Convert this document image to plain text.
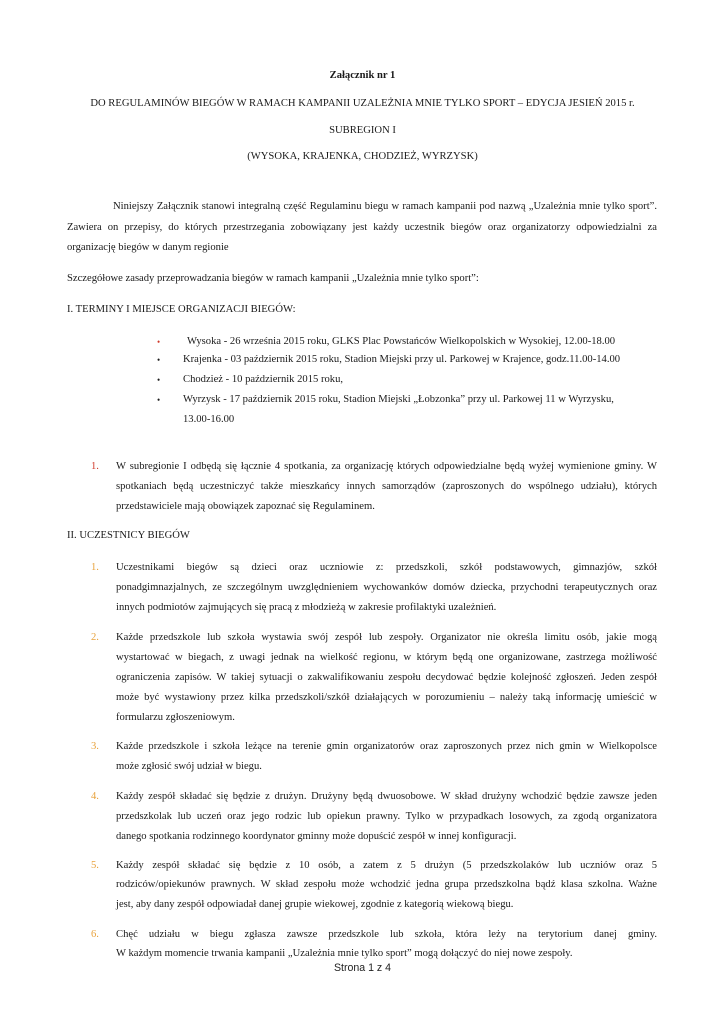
Załącznik nr 1
DO REGULAMINÓW BIEGÓW W RAMACH KAMPANII UZALEŻNIA MNIE TYLKO SPORT – EDYCJA JESIEŃ 2015 r.
SUBREGION I
(WYSOKA, KRAJENKA, CHODZIEŻ, WYRZYSK)
Niniejszy Załącznik stanowi integralną część Regulaminu biegu w ramach kampanii pod nazwą „Uzależnia mnie tylko sport”. Zawiera on przepisy, do których przestrzegania zobowiązany jest każdy uczestnik biegów oraz organizatorzy odpowiedzialni za organizację biegów w danym regionie
Szczegółowe zasady przeprowadzania biegów w ramach kampanii „Uzależnia mnie tylko sport”:
I. TERMINY I MIEJSCE ORGANIZACJI BIEGÓW:
•	Wysoka - 26 września 2015 roku, GLKS Plac Powstańców Wielkopolskich w Wysokiej, 12.00-18.00
• Krajenka - 03 październik 2015 roku, Stadion Miejski przy ul. Parkowej w Krajence, godz.11.00-14.00
• Chodzież - 10 październik 2015 roku,
• Wyrzysk - 17 październik 2015 roku, Stadion Miejski „Łobzonka” przy ul. Parkowej 11 w Wyrzysku,
13.00-16.00
1. W subregionie I odbędą się łącznie 4 spotkania, za organizację których odpowiedzialne będą wyżej wymienione gminy. W
spotkaniach będą uczestniczyć także mieszkańcy innych samorządów (zaproszonych do wspólnego udziału), których
przedstawiciele mają obowiązek zapoznać się Regulaminem.
II. UCZESTNICY BIEGÓW
1. Uczestnikami biegów są dzieci oraz uczniowie z: przedszkoli, szkół podstawowych, gimnazjów, szkół
ponadgimnazjalnych, ze szczególnym uwzględnieniem wychowanków domów dziecka, przychodni terapeutycznych oraz
innych podmiotów zajmujących się pracą z młodzieżą w zakresie profilaktyki uzależnień.
2. Każde przedszkole lub szkoła wystawia swój zespół lub zespoły. Organizator nie określa limitu osób, jakie mogą
wystartować w biegach, z uwagi jednak na wielkość regionu, w którym będą one organizowane, zastrzega możliwość
ograniczenia zapisów. W takiej sytuacji o zakwalifikowaniu zespołu decydować będzie kolejność zgłoszeń. Jeden zespół
może być wystawiony przez kilka przedszkoli/szkół działających w porozumieniu – należy taką informację umieścić w
formularzu zgłoszeniowym.
3. Każde przedszkole i szkoła leżące na terenie gmin organizatorów oraz zaproszonych przez nich gmin w Wielkopolsce
może zgłosić swój udział w biegu.
4. Każdy zespół składać się będzie z drużyn. Drużyny będą dwuosobowe. W skład drużyny wchodzić będzie zawsze jeden
przedszkolak lub uczeń oraz jego rodzic lub opiekun prawny. Tylko w przypadkach losowych, za zgodą organizatora
danego spotkania rodzinnego koordynator gminny może dopuścić zespół w innej konfiguracji.
5. Każdy zespół składać się będzie z 10 osób, a zatem z 5 drużyn (5 przedszkolaków lub uczniów oraz 5
rodziców/opiekunów prawnych. W skład zespołu może wchodzić jedna grupa przedszkolna bądź klasa szkolna. Ważne
jest, aby dany zespół odpowiadał danej grupie wiekowej, zgodnie z kategorią wiekową biegu.
6. Chęć udziału w biegu zgłasza zawsze przedszkole lub szkoła, która leży na terytorium danej gminy.
W każdym momencie trwania kampanii „Uzależnia mnie tylko sport” mogą dołączyć do niej nowe zespoły.
Strona 1 z 4
